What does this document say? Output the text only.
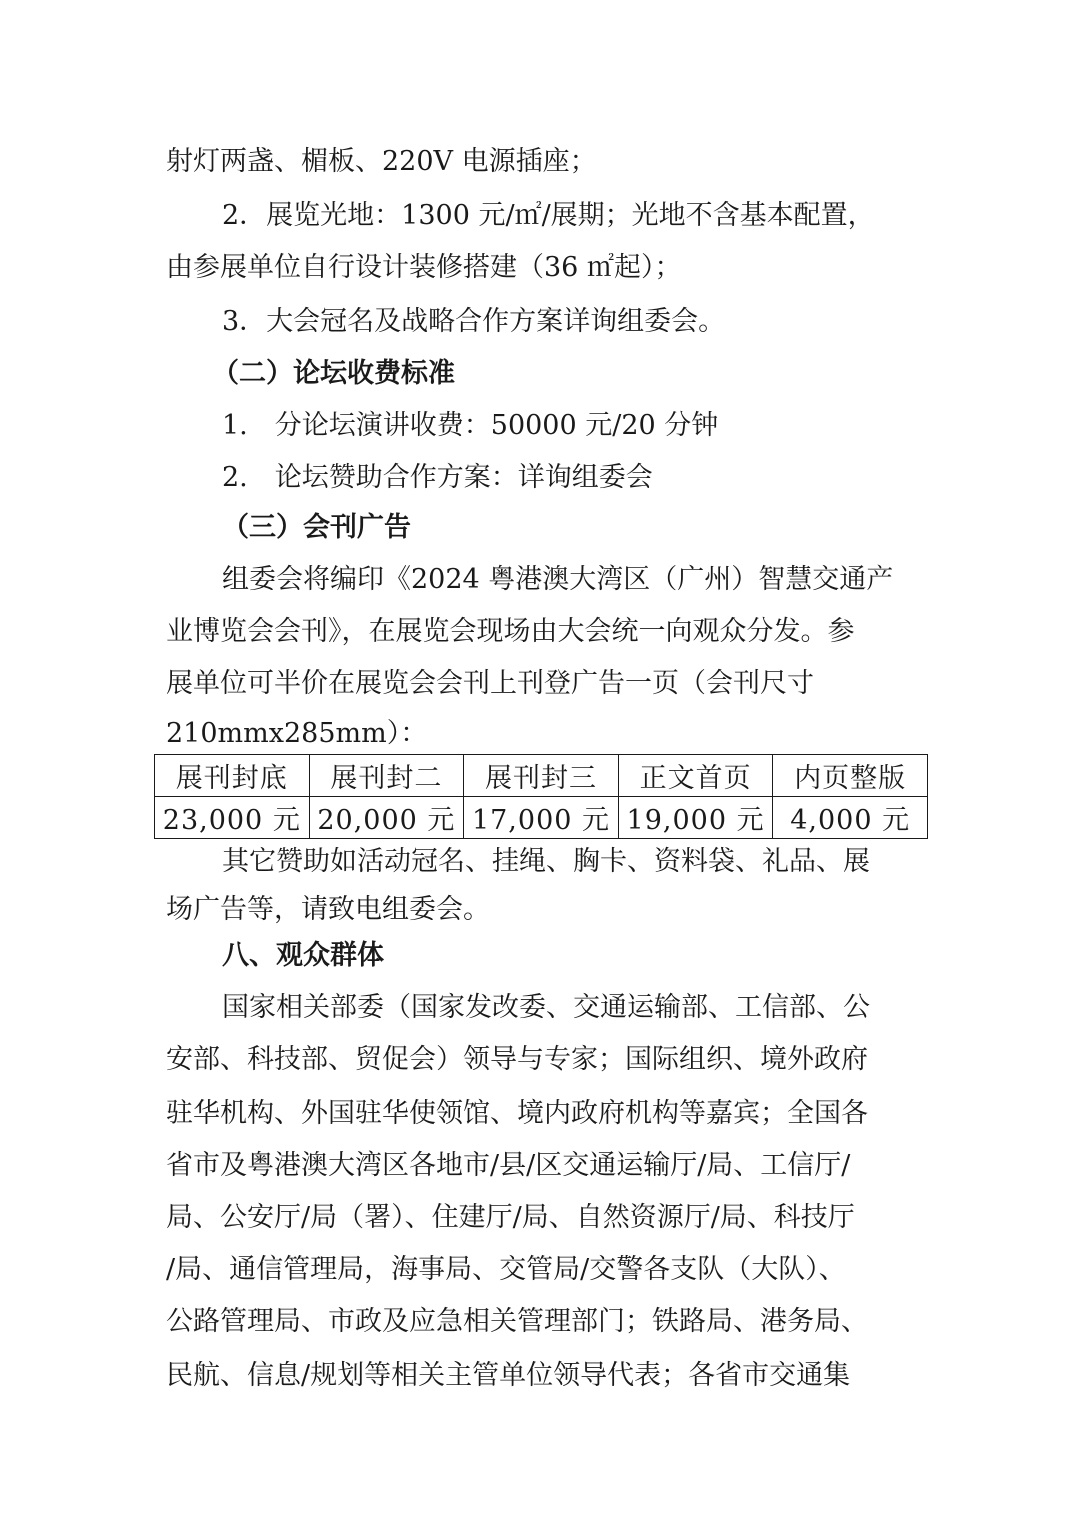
射灯两盏、楣板、220V 电源插座；
2．展览光地：1300 元/㎡/展期；光地不含基本配置，
由参展单位自行设计装修搭建（36 ㎡起）；
3．大会冠名及战略合作方案详询组委会。
（二）论坛收费标准
1.　分论坛演讲收费：50000 元/20 分钟
2.　论坛赞助合作方案：详询组委会
（三）会刊广告
组委会将编印《2024 粤港澳大湾区（广州）智慧交通产
业博览会会刊》，在展览会现场由大会统一向观众分发。参
展单位可半价在展览会会刊上刊登广告一页（会刊尺寸
210mmx285mm）：
展刊封底	展刊封二	展刊封三	正文首页	内页整版
23,000 元	20,000 元	17,000 元	19,000 元	4,000 元
其它赞助如活动冠名、挂绳、胸卡、资料袋、礼品、展
场广告等，请致电组委会。
八、观众群体
国家相关部委（国家发改委、交通运输部、工信部、公
安部、科技部、贸促会）领导与专家；国际组织、境外政府
驻华机构、外国驻华使领馆、境内政府机构等嘉宾；全国各
省市及粤港澳大湾区各地市/县/区交通运输厅/局、工信厅/
局、公安厅/局（署）、住建厅/局、自然资源厅/局、科技厅
/局、通信管理局，海事局、交管局/交警各支队（大队）、
公路管理局、市政及应急相关管理部门；铁路局、港务局、
民航、信息/规划等相关主管单位领导代表；各省市交通集
